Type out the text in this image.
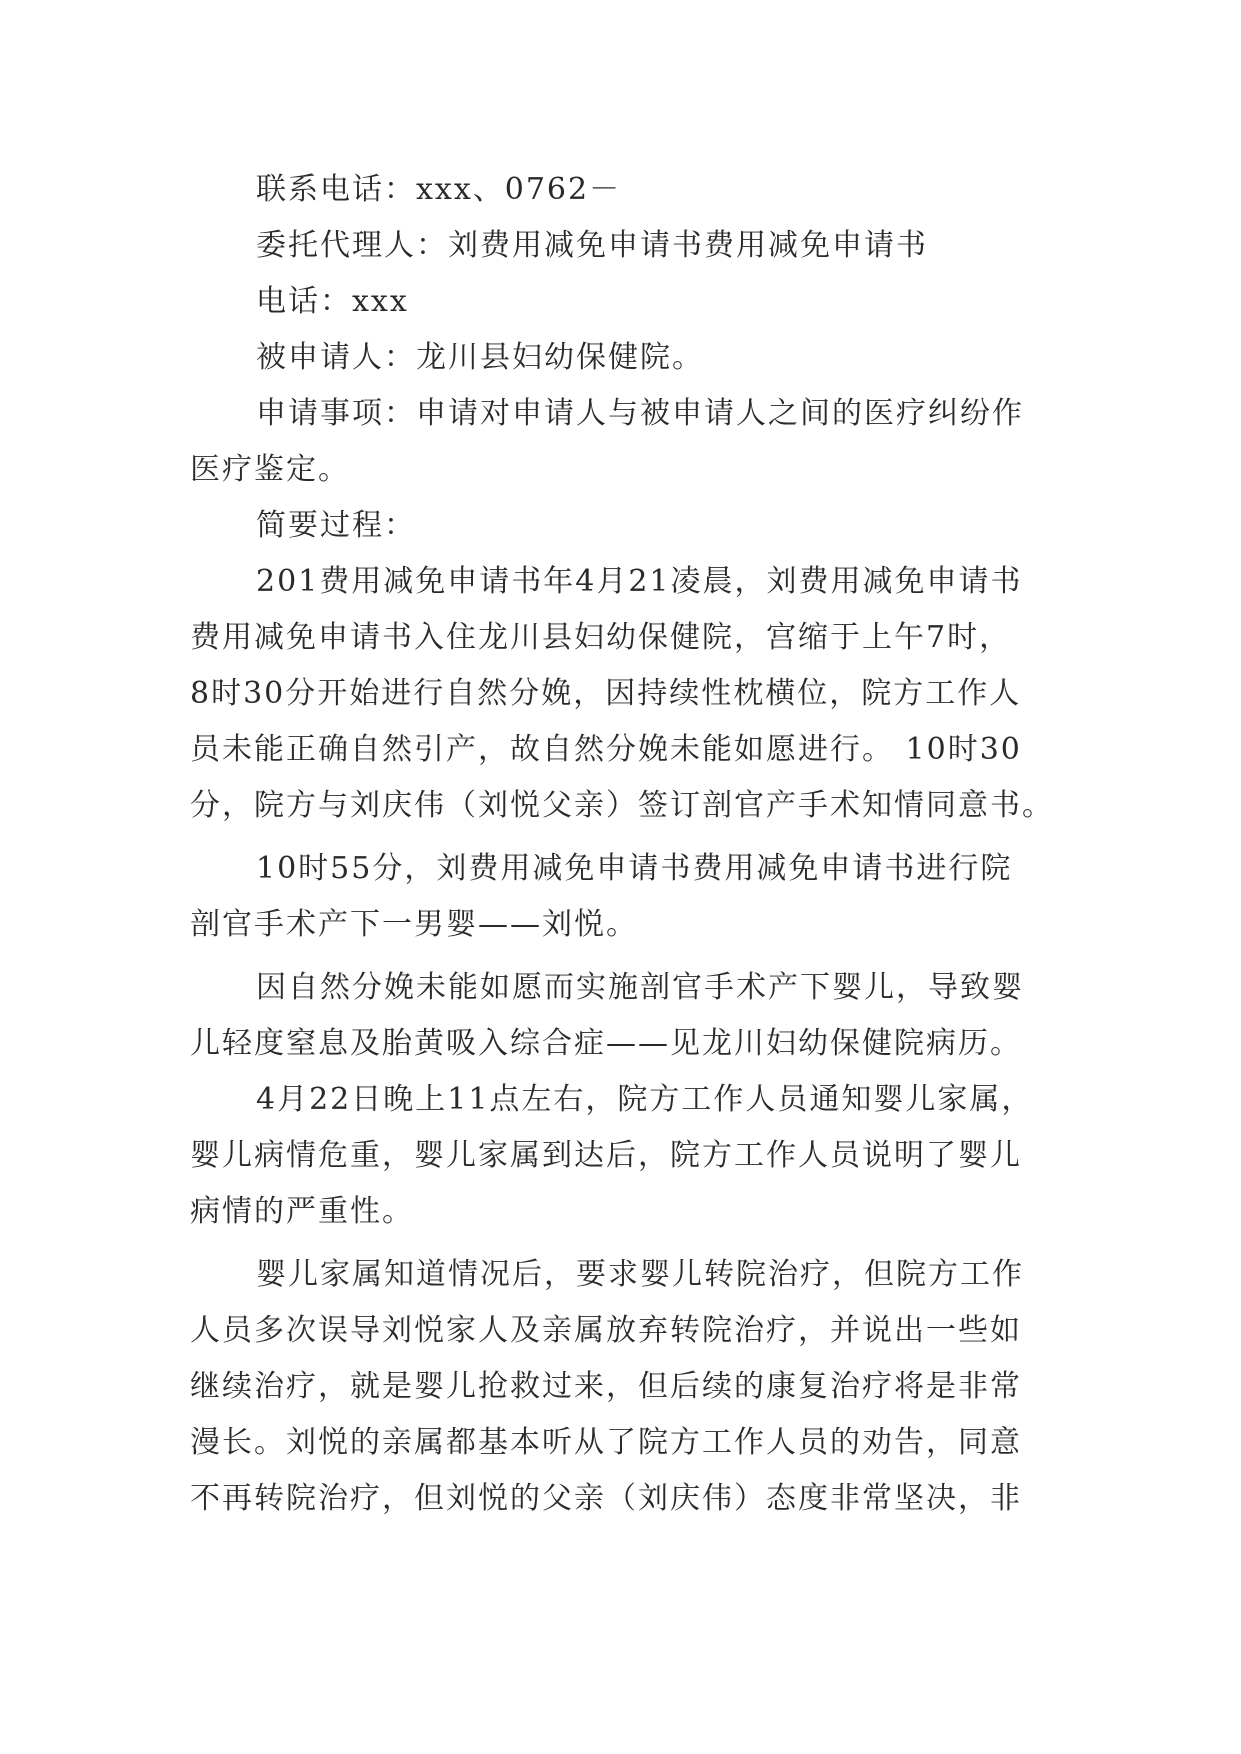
联系电话：xxx、0762－
委托代理人：刘费用减免申请书费用减免申请书
电话：xxx
被申请人：龙川县妇幼保健院。
申请事项：申请对申请人与被申请人之间的医疗纠纷作
医疗鉴定。
简要过程：
201费用减免申请书年4月21凌晨，刘费用减免申请书
费用减免申请书入住龙川县妇幼保健院，宫缩于上午7时，
8时30分开始进行自然分娩，因持续性枕横位，院方工作人
员未能正确自然引产，故自然分娩未能如愿进行。 10时30
分，院方与刘庆伟（刘悦父亲）签订剖官产手术知情同意书。
10时55分，刘费用减免申请书费用减免申请书进行院
剖官手术产下一男婴——刘悦。
因自然分娩未能如愿而实施剖官手术产下婴儿，导致婴
儿轻度窒息及胎黄吸入综合症——见龙川妇幼保健院病历。
4月22日晚上11点左右，院方工作人员通知婴儿家属，
婴儿病情危重，婴儿家属到达后，院方工作人员说明了婴儿
病情的严重性。
婴儿家属知道情况后，要求婴儿转院治疗，但院方工作
人员多次误导刘悦家人及亲属放弃转院治疗，并说出一些如
继续治疗，就是婴儿抢救过来，但后续的康复治疗将是非常
漫长。刘悦的亲属都基本听从了院方工作人员的劝告，同意
不再转院治疗，但刘悦的父亲（刘庆伟）态度非常坚决，非
